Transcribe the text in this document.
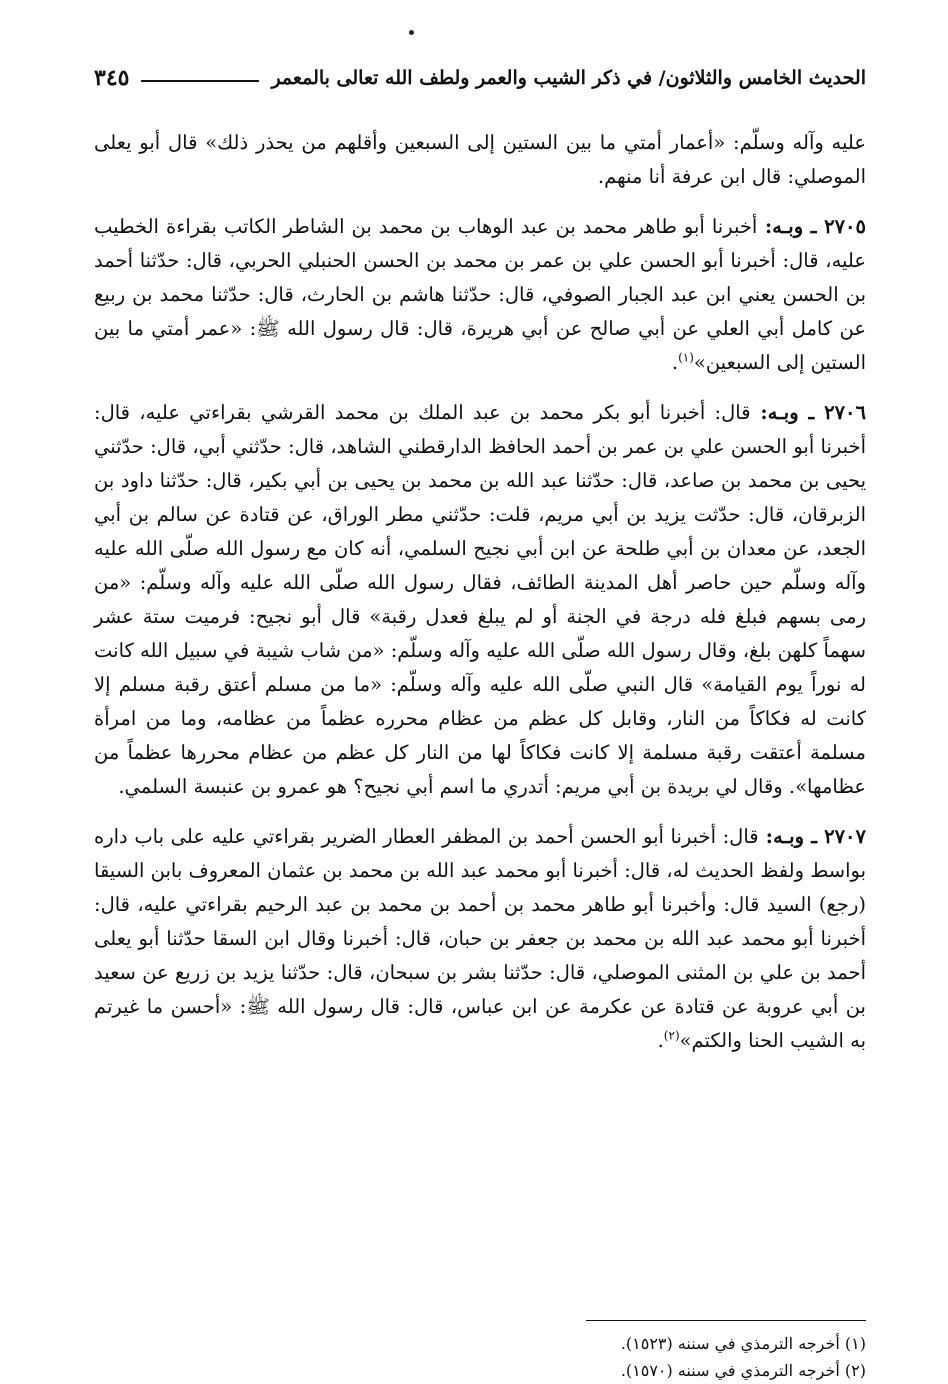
الحديث الخامس والثلاثون/ في ذكر الشيب والعمر ولطف الله تعالى بالمعمر
٣٤٥

عليه وآله وسلّم: «أعمار أمتي ما بين الستين إلى السبعين وأقلهم من يحذر ذلك» قال أبو يعلى الموصلي: قال ابن عرفة أنا منهم.

٢٧٠٥ ـ وبـه: أخبرنا أبو طاهر محمد بن عبد الوهاب بن محمد بن الشاطر الكاتب بقراءة الخطيب عليه، قال: أخبرنا أبو الحسن علي بن عمر بن محمد بن الحسن الحنبلي الحربي، قال: حدّثنا أحمد بن الحسن يعني ابن عبد الجبار الصوفي، قال: حدّثنا هاشم بن الحارث، قال: حدّثنا محمد بن ربيع عن كامل أبي العلي عن أبي صالح عن أبي هريرة، قال: قال رسول الله ﷺ: «عمر أمتي ما بين الستين إلى السبعين»$^{(١)}$.

٢٧٠٦ ـ وبـه: قال: أخبرنا أبو بكر محمد بن عبد الملك بن محمد القرشي بقراءتي عليه، قال: أخبرنا أبو الحسن علي بن عمر بن أحمد الحافظ الدارقطني الشاهد، قال: حدّثني أبي، قال: حدّثني يحيى بن محمد بن صاعد، قال: حدّثنا عبد الله بن محمد بن يحيى بن أبي بكير، قال: حدّثنا داود بن الزبرقان، قال: حدّثت يزيد بن أبي مريم، قلت: حدّثني مطر الوراق، عن قتادة عن سالم بن أبي الجعد، عن معدان بن أبي طلحة عن ابن أبي نجيح السلمي، أنه كان مع رسول الله صلّى الله عليه وآله وسلّم حين حاصر أهل المدينة الطائف، فقال رسول الله صلّى الله عليه وآله وسلّم: «من رمى بسهم فبلغ فله درجة في الجنة أو لم يبلغ فعدل رقبة» قال أبو نجيح: فرميت ستة عشر سهماً كلهن بلغ، وقال رسول الله صلّى الله عليه وآله وسلّم: «من شاب شيبة في سبيل الله كانت له نوراً يوم القيامة» قال النبي صلّى الله عليه وآله وسلّم: «ما من مسلم أعتق رقبة مسلم إلا كانت له فكاكاً من النار، وقابل كل عظم من عظام محرره عظماً من عظامه، وما من امرأة مسلمة أعتقت رقبة مسلمة إلا كانت فكاكاً لها من النار كل عظم من عظام محررها عظماً من عظامها». وقال لي بريدة بن أبي مريم: أتدري ما اسم أبي نجيح؟ هو عمرو بن عنبسة السلمي.

٢٧٠٧ ـ وبـه: قال: أخبرنا أبو الحسن أحمد بن المظفر العطار الضرير بقراءتي عليه على باب داره بواسط ولفظ الحديث له، قال: أخبرنا أبو محمد عبد الله بن محمد بن عثمان المعروف بابن السيقا (رجع) السيد قال: وأخبرنا أبو طاهر محمد بن أحمد بن محمد بن عبد الرحيم بقراءتي عليه، قال: أخبرنا أبو محمد عبد الله بن محمد بن جعفر بن حبان، قال: أخبرنا وقال ابن السقا حدّثنا أبو يعلى أحمد بن علي بن المثنى الموصلي، قال: حدّثنا بشر بن سبحان، قال: حدّثنا يزيد بن زريع عن سعيد بن أبي عروبة عن قتادة عن عكرمة عن ابن عباس، قال: قال رسول الله ﷺ: «أحسن ما غيرتم به الشيب الحنا والكتم»$^{(٢)}$.

(١) أخرجه الترمذي في سننه (١٥٢٣).
(٢) أخرجه الترمذي في سننه (١٥٧٠).
